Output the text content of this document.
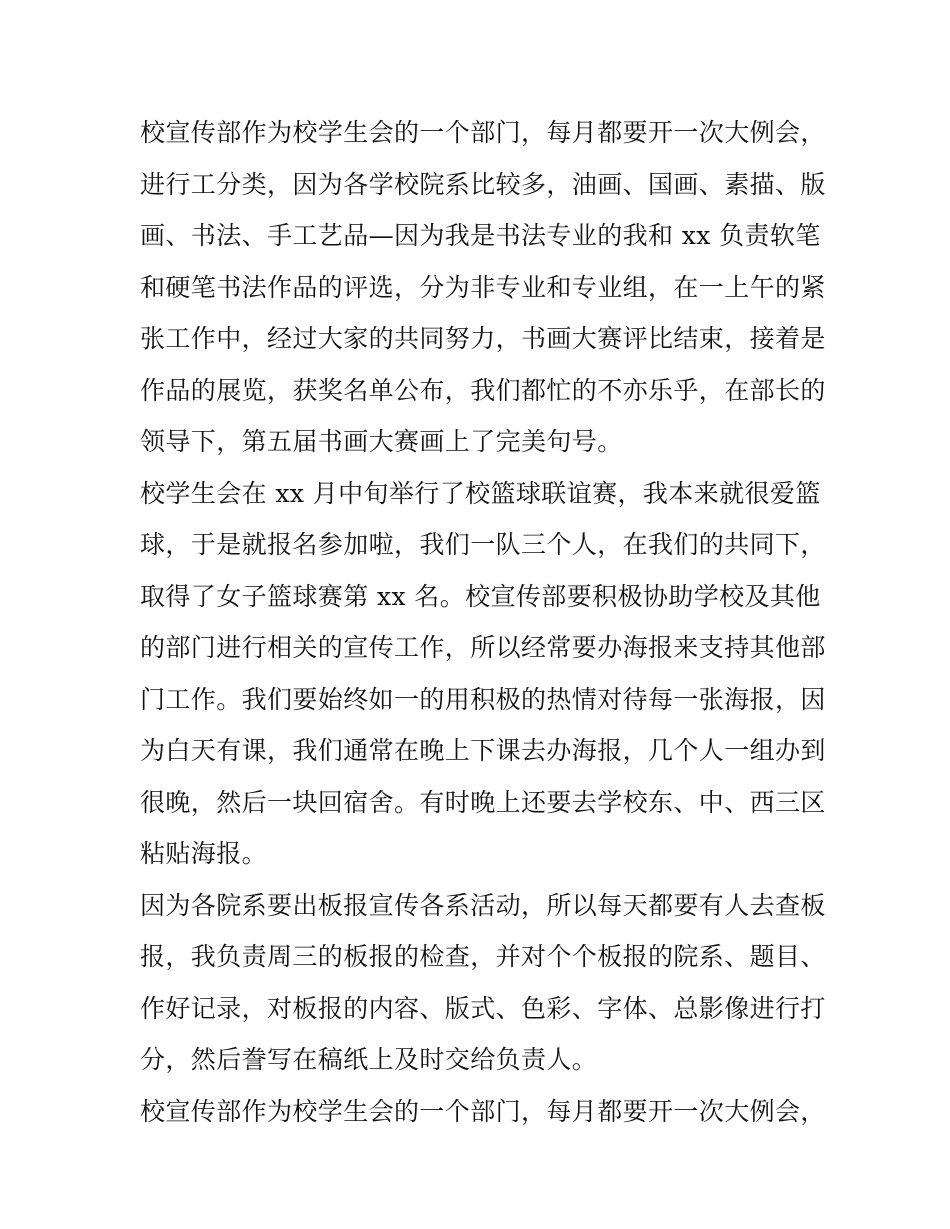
校宣传部作为校学生会的一个部门，每月都要开一次大例会，
进行工分类，因为各学校院系比较多，油画、国画、素描、版
画、书法、手工艺品—因为我是书法专业的我和 xx 负责软笔
和硬笔书法作品的评选，分为非专业和专业组，在一上午的紧
张工作中，经过大家的共同努力，书画大赛评比结束，接着是
作品的展览，获奖名单公布，我们都忙的不亦乐乎，在部长的
领导下，第五届书画大赛画上了完美句号。
校学生会在 xx 月中旬举行了校篮球联谊赛，我本来就很爱篮
球，于是就报名参加啦，我们一队三个人，在我们的共同下，
取得了女子篮球赛第 xx 名。校宣传部要积极协助学校及其他
的部门进行相关的宣传工作，所以经常要办海报来支持其他部
门工作。我们要始终如一的用积极的热情对待每一张海报，因
为白天有课，我们通常在晚上下课去办海报，几个人一组办到
很晚，然后一块回宿舍。有时晚上还要去学校东、中、西三区
粘贴海报。
因为各院系要出板报宣传各系活动，所以每天都要有人去查板
报，我负责周三的板报的检查，并对个个板报的院系、题目、
作好记录，对板报的内容、版式、色彩、字体、总影像进行打
分，然后誊写在稿纸上及时交给负责人。
校宣传部作为校学生会的一个部门，每月都要开一次大例会，
